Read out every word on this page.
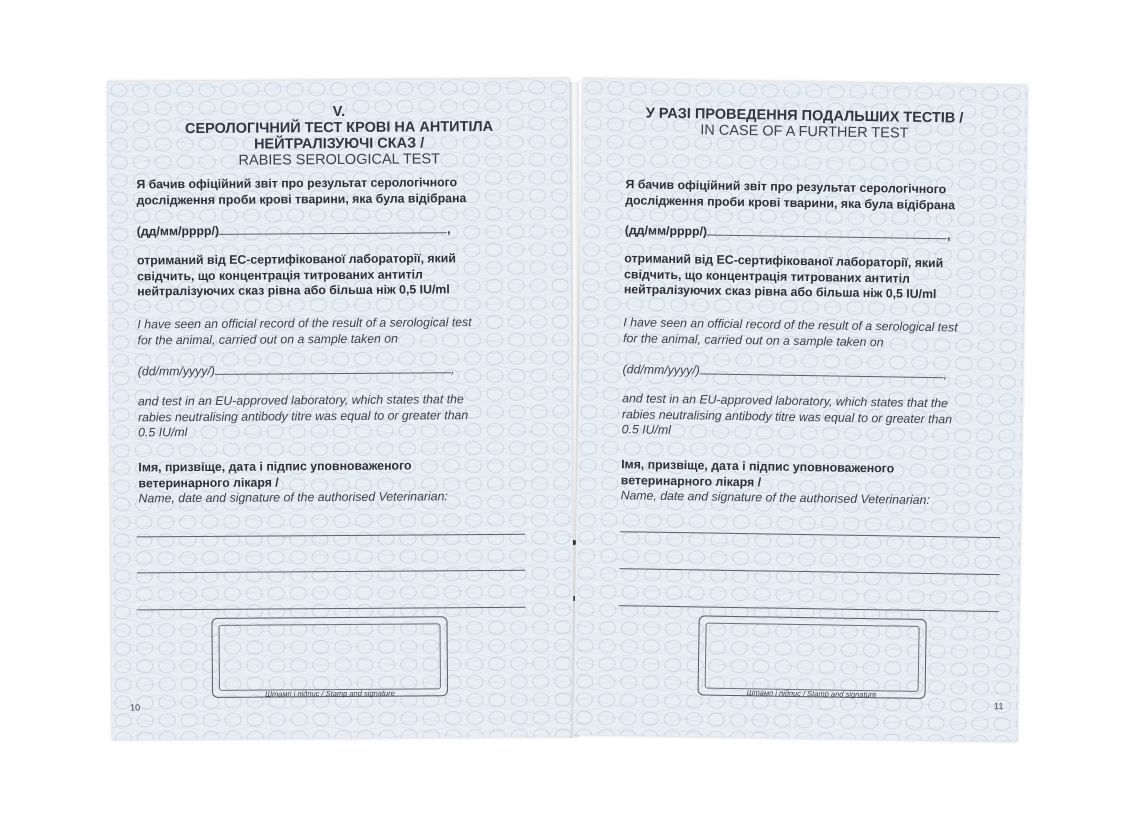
V.
СЕРОЛОГІЧНИЙ ТЕСТ КРОВІ НА АНТИТІЛА
НЕЙТРАЛІЗУЮЧІ СКАЗ /
RABIES SEROLOGICAL TEST
Я бачив офіційний звіт про результат серологічного
дослідження проби крові тварини, яка була відібрана
(дд/мм/рррр/)	,
отриманий від ЕС-сертифікованої лабораторії, який
свідчить, що концентрація титрованих антитіл
нейтралізуючих сказ рівна або більша ніж 0,5 IU/ml
I have seen an official record of the result of a serological test
for the animal, carried out on a sample taken on
(dd/mm/yyyy/)	,
and test in an EU-approved laboratory, which states that the
rabies neutralising antibody titre was equal to or greater than
0.5 IU/ml
Імя, призвіще, дата і підпис уповноваженого
ветеринарного лікаря /
Name, date and signature of the authorised Veterinarian:
Штамп і підпис / Stamp and signature
10
У РАЗІ ПРОВЕДЕННЯ ПОДАЛЬШИХ ТЕСТІВ /
IN CASE OF A FURTHER TEST
Я бачив офіційний звіт про результат серологічного
дослідження проби крові тварини, яка була відібрана
(дд/мм/рррр/)	,
отриманий від ЕС-сертифікованої лабораторії, який
свідчить, що концентрація титрованих антитіл
нейтралізуючих сказ рівна або більша ніж 0,5 IU/ml
I have seen an official record of the result of a serological test
for the animal, carried out on a sample taken on
(dd/mm/yyyy/)	,
and test in an EU-approved laboratory, which states that the
rabies neutralising antibody titre was equal to or greater than
0.5 IU/ml
Імя, призвіще, дата і підпис уповноваженого
ветеринарного лікаря /
Name, date and signature of the authorised Veterinarian:
Штамп і підпис / Stamp and signature
11
